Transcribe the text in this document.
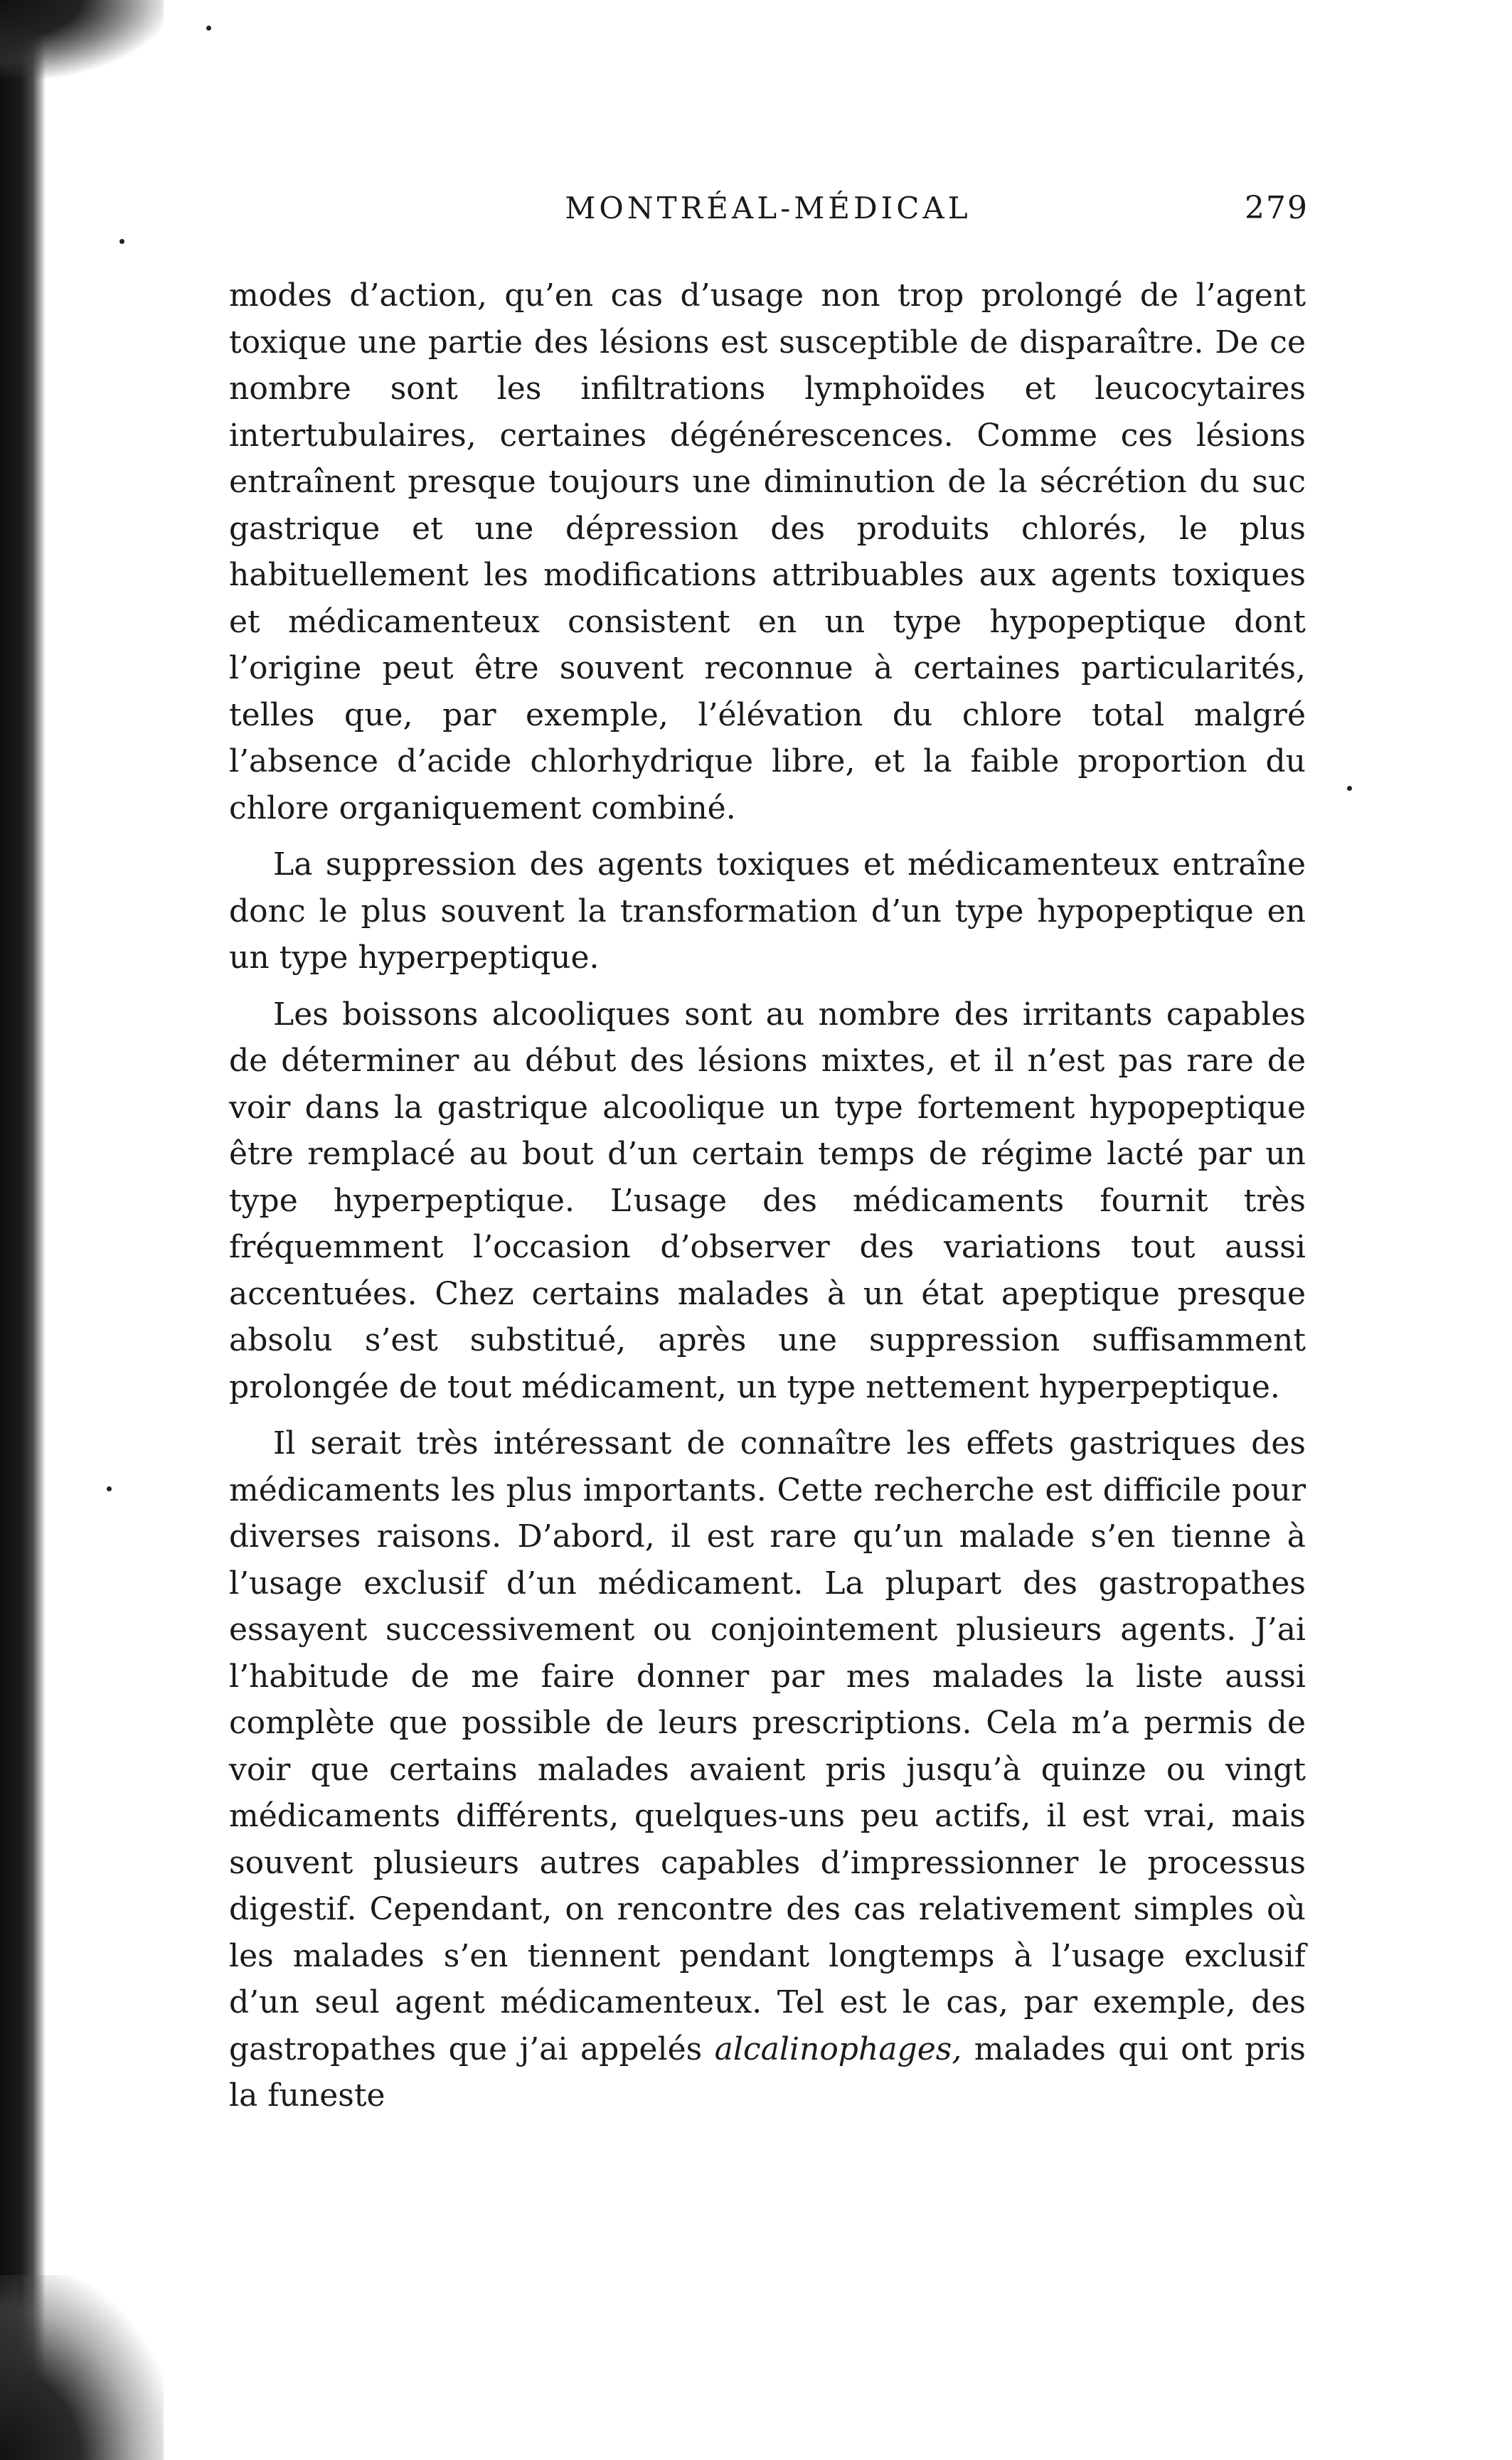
MONTRÉAL-MÉDICAL	279

modes d’action, qu’en cas d’usage non trop prolongé de l’agent toxique une partie des lésions est susceptible de disparaître. De ce nombre sont les infiltrations lymphoïdes et leucocytaires intertubulaires, certaines dégénérescences. Comme ces lésions entraînent presque toujours une diminution de la sécrétion du suc gastrique et une dépression des produits chlorés, le plus habituellement les modifications attribuables aux agents toxiques et médicamenteux consistent en un type hypopeptique dont l’origine peut être souvent reconnue à certaines particularités, telles que, par exemple, l’élévation du chlore total malgré l’absence d’acide chlorhydrique libre, et la faible proportion du chlore organiquement combiné.

La suppression des agents toxiques et médicamenteux entraîne donc le plus souvent la transformation d’un type hypopeptique en un type hyperpeptique.

Les boissons alcooliques sont au nombre des irritants capables de déterminer au début des lésions mixtes, et il n’est pas rare de voir dans la gastrique alcoolique un type fortement hypopeptique être remplacé au bout d’un certain temps de régime lacté par un type hyperpeptique. L’usage des médicaments fournit très fréquemment l’occasion d’observer des variations tout aussi accentuées. Chez certains malades à un état apeptique presque absolu s’est substitué, après une suppression suffisamment prolongée de tout médicament, un type nettement hyperpeptique.

Il serait très intéressant de connaître les effets gastriques des médicaments les plus importants. Cette recherche est difficile pour diverses raisons. D’abord, il est rare qu’un malade s’en tienne à l’usage exclusif d’un médicament. La plupart des gastropathes essayent successivement ou conjointement plusieurs agents. J’ai l’habitude de me faire donner par mes malades la liste aussi complète que possible de leurs prescriptions. Cela m’a permis de voir que certains malades avaient pris jusqu’à quinze ou vingt médicaments différents, quelques-uns peu actifs, il est vrai, mais souvent plusieurs autres capables d’impressionner le processus digestif. Cependant, on rencontre des cas relativement simples où les malades s’en tiennent pendant longtemps à l’usage exclusif d’un seul agent médicamenteux. Tel est le cas, par exemple, des gastropathes que j’ai appelés alcalinophages, malades qui ont pris la funeste
